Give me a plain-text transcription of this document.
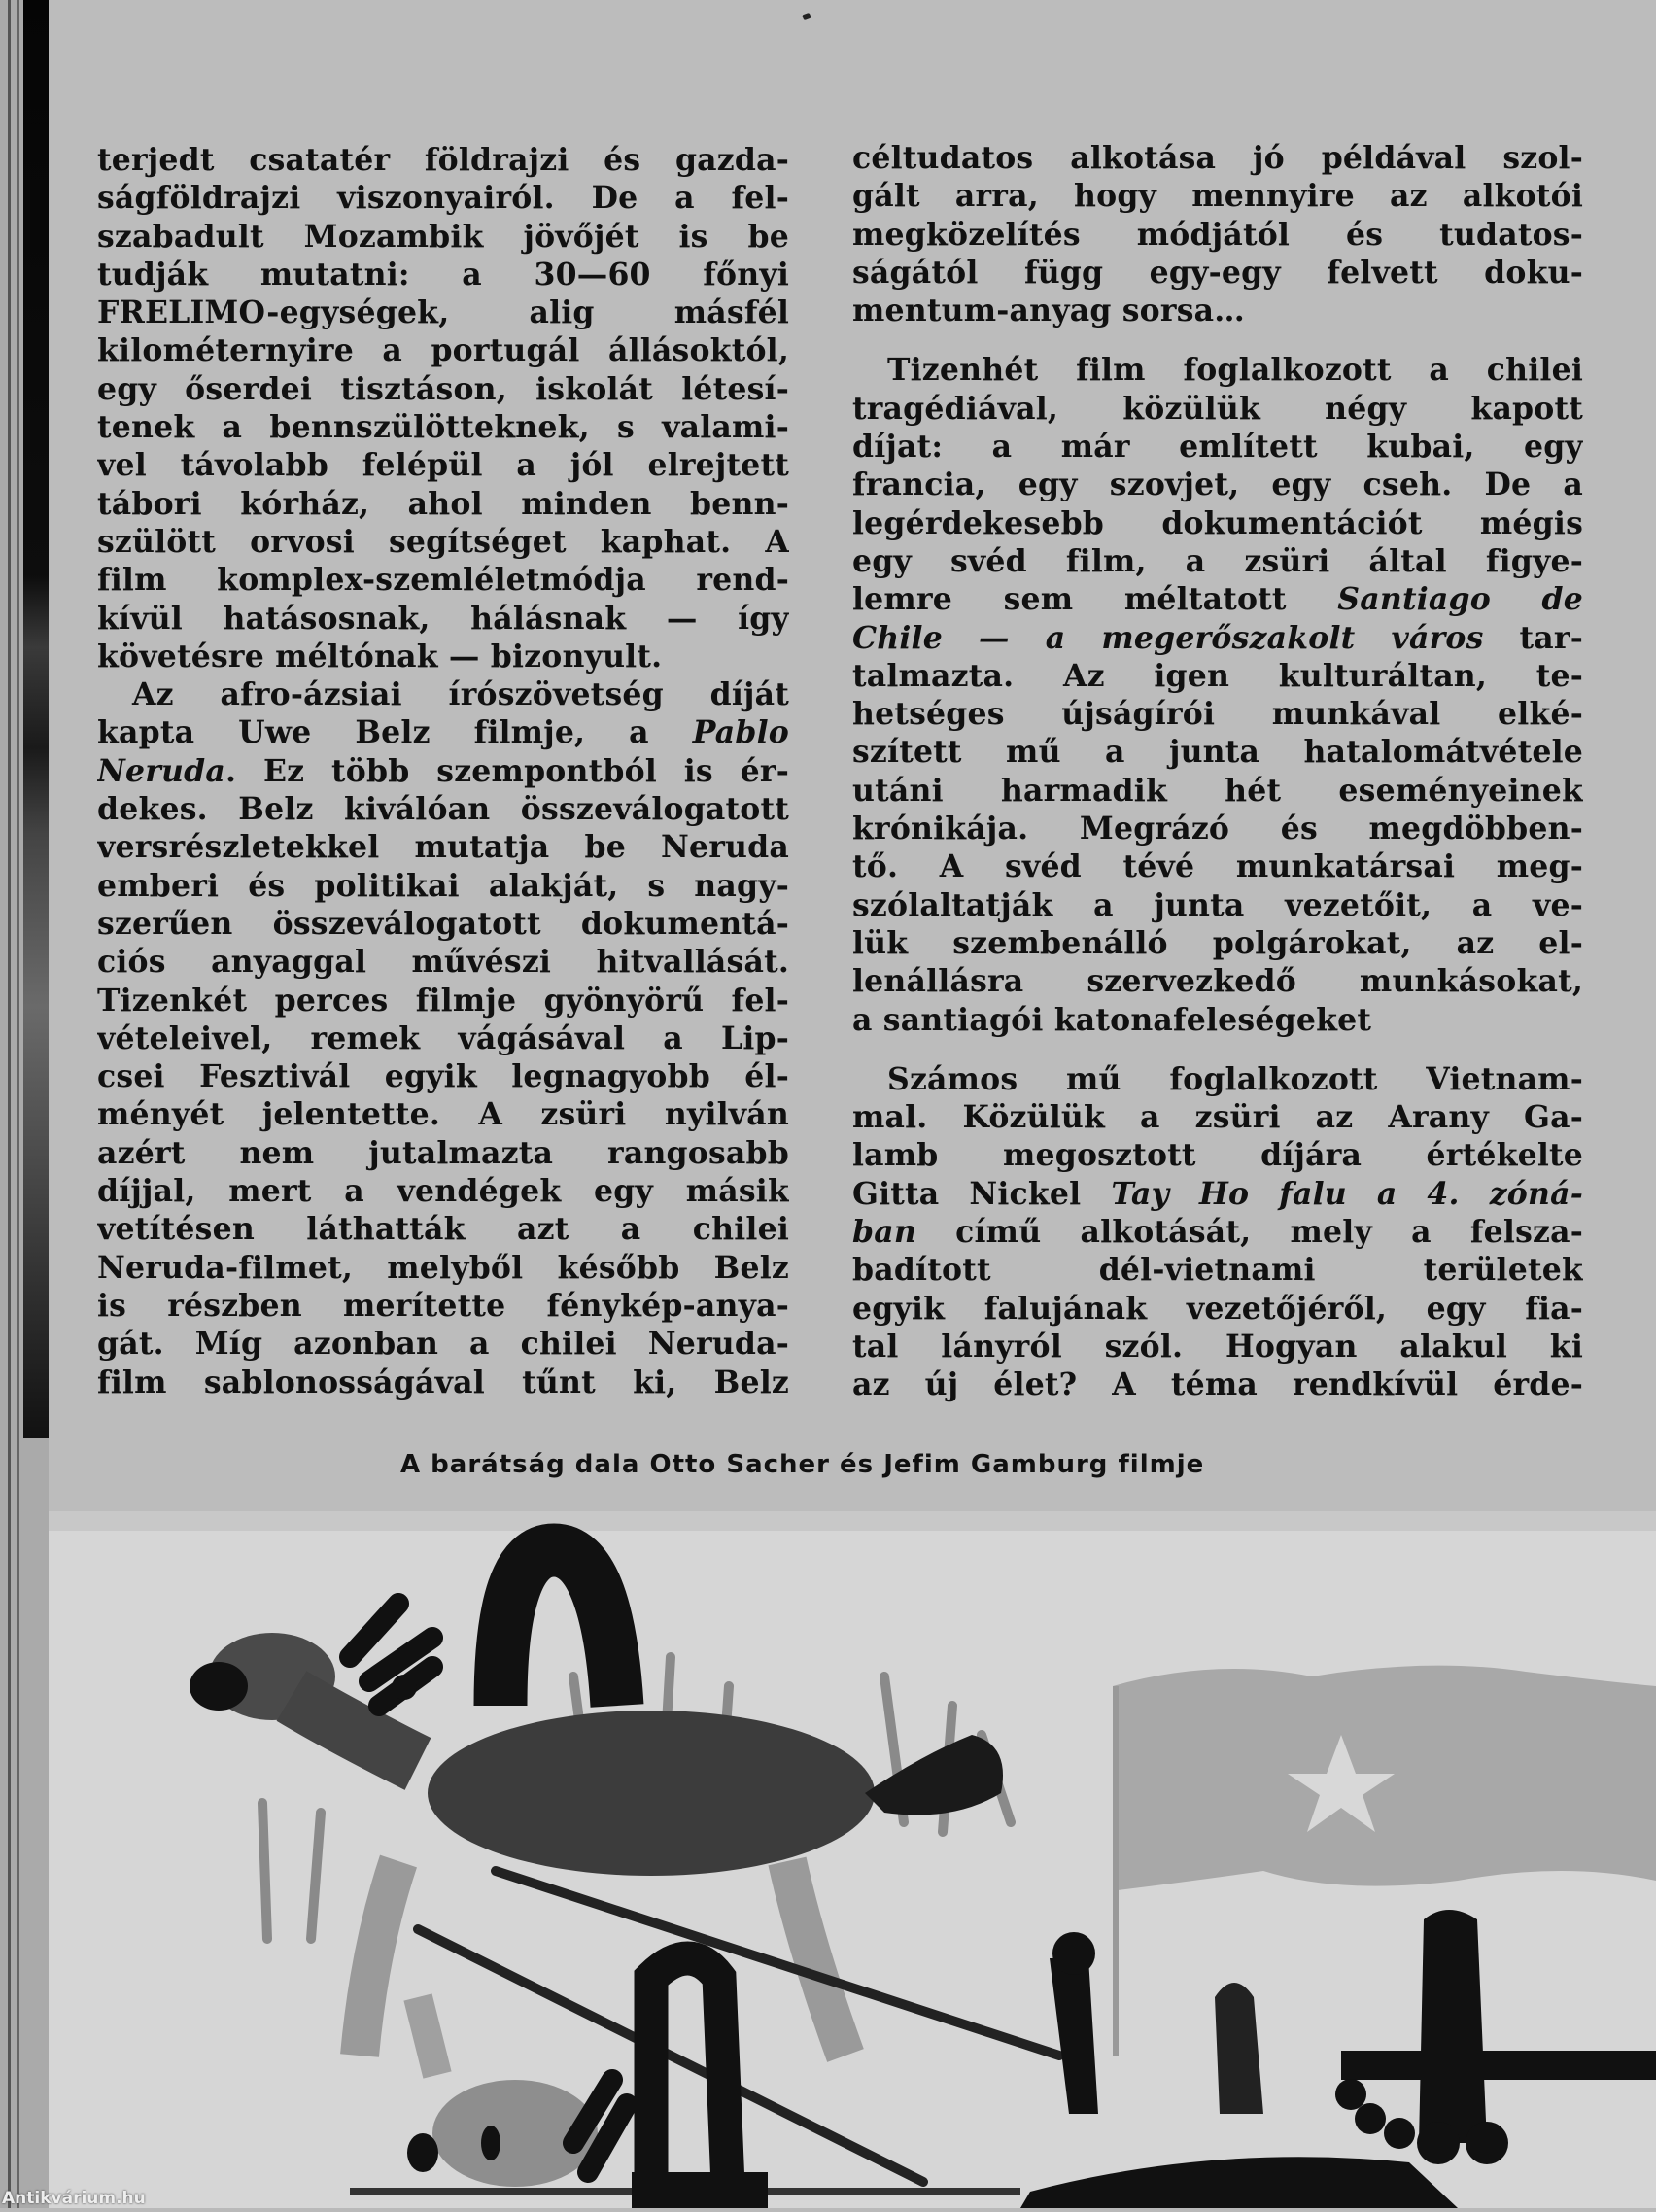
terjedt csatatér földrajzi és gazda-
ságföldrajzi viszonyairól. De a fel-
szabadult Mozambik jövőjét is be
tudják mutatni: a 30—60 főnyi
FRELIMO-egységek, alig másfél
kilométernyire a portugál állásoktól,
egy őserdei tisztáson, iskolát létesí-
tenek a bennszülötteknek, s valami-
vel távolabb felépül a jól elrejtett
tábori kórház, ahol minden benn-
szülött orvosi segítséget kaphat. A
film komplex-szemléletmódja rend-
kívül hatásosnak, hálásnak — így
követésre méltónak — bizonyult.
Az afro-ázsiai írószövetség díját
kapta Uwe Belz filmje, a Pablo
Neruda. Ez több szempontból is ér-
dekes. Belz kiválóan összeválogatott
versrészletekkel mutatja be Neruda
emberi és politikai alakját, s nagy-
szerűen összeválogatott dokumentá-
ciós anyaggal művészi hitvallását.
Tizenkét perces filmje gyönyörű fel-
vételeivel, remek vágásával a Lip-
csei Fesztivál egyik legnagyobb él-
ményét jelentette. A zsüri nyilván
azért nem jutalmazta rangosabb
díjjal, mert a vendégek egy másik
vetítésen láthatták azt a chilei
Neruda-filmet, melyből később Belz
is részben merítette fénykép-anya-
gát. Míg azonban a chilei Neruda-
film sablonosságával tűnt ki, Belz
céltudatos alkotása jó példával szol-
gált arra, hogy mennyire az alkotói
megközelítés módjától és tudatos-
ságától függ egy-egy felvett doku-
mentum-anyag sorsa…
Tizenhét film foglalkozott a chilei
tragédiával, közülük négy kapott
díjat: a már említett kubai, egy
francia, egy szovjet, egy cseh. De a
legérdekesebb dokumentációt mégis
egy svéd film, a zsüri által figye-
lemre sem méltatott Santiago de
Chile — a megerőszakolt város tar-
talmazta. Az igen kulturáltan, te-
hetséges újságírói munkával elké-
szített mű a junta hatalomátvétele
utáni harmadik hét eseményeinek
krónikája. Megrázó és megdöbben-
tő. A svéd tévé munkatársai meg-
szólaltatják a junta vezetőit, a ve-
lük szembenálló polgárokat, az el-
lenállásra szervezkedő munkásokat,
a santiagói katonafeleségeket
Számos mű foglalkozott Vietnam-
mal. Közülük a zsüri az Arany Ga-
lamb megosztott díjára értékelte
Gitta Nickel Tay Ho falu a 4. zóná-
ban című alkotását, mely a felsza-
badított dél-vietnami területek
egyik falujának vezetőjéről, egy fia-
tal lányról szól. Hogyan alakul ki
az új élet? A téma rendkívül érde-
A barátság dala Otto Sacher és Jefim Gamburg filmje
Antikvárium.hu
